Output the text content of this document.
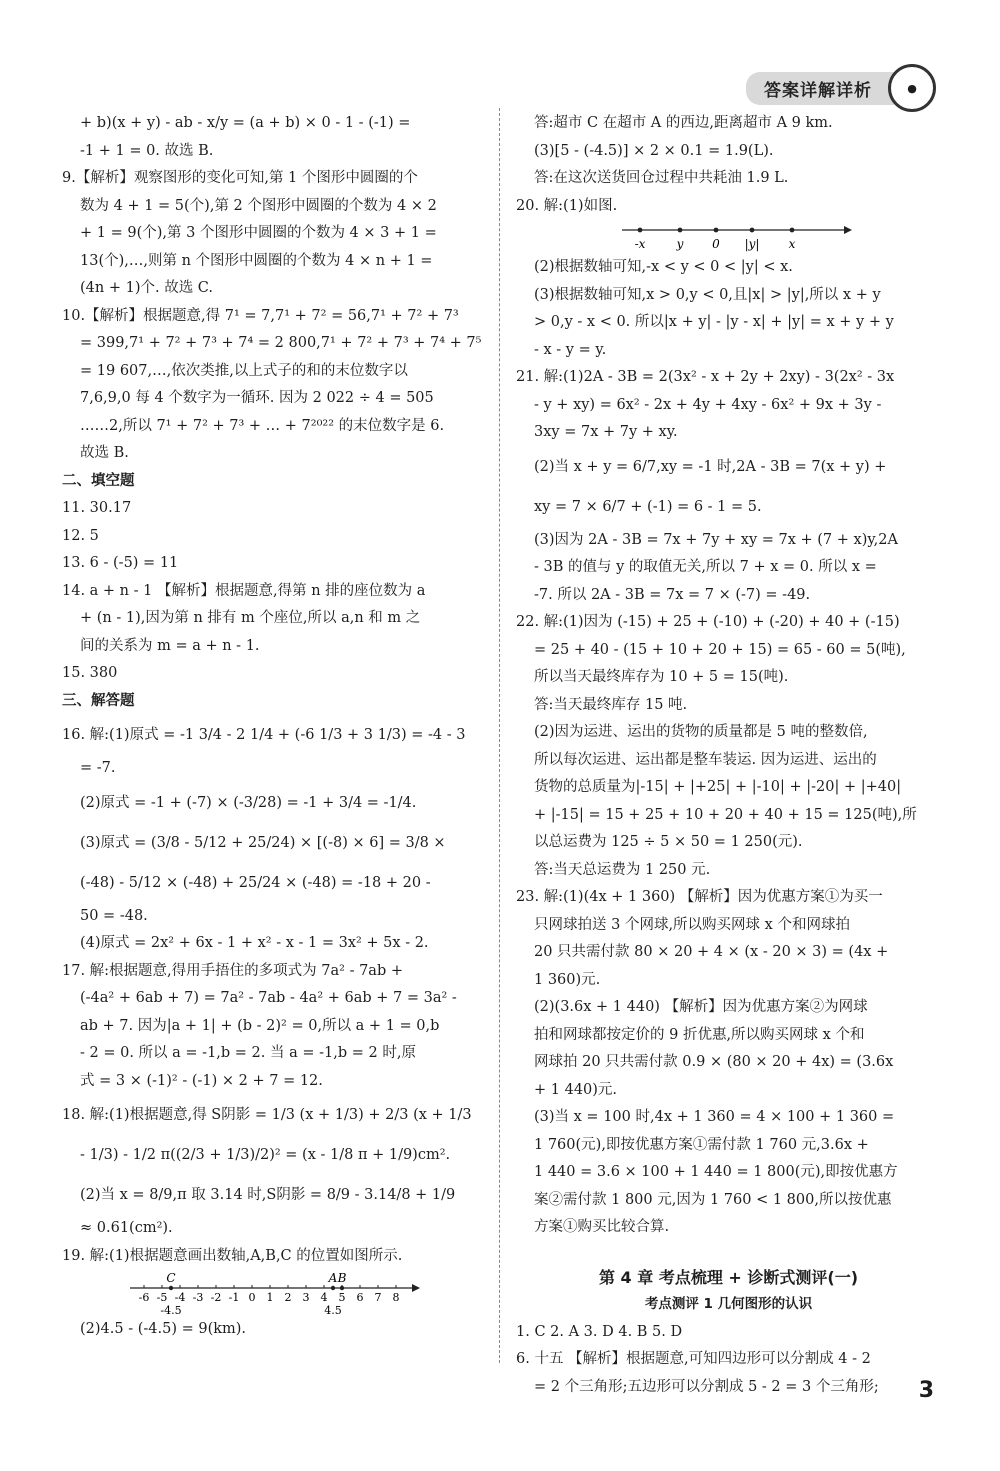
答案详解详析	●
+ b)(x + y) - ab - x/y = (a + b) × 0 - 1 - (-1) =
-1 + 1 = 0. 故选 B.
9.【解析】观察图形的变化可知,第 1 个图形中圆圈的个
数为 4 + 1 = 5(个),第 2 个图形中圆圈的个数为 4 × 2
+ 1 = 9(个),第 3 个图形中圆圈的个数为 4 × 3 + 1 =
13(个),…,则第 n 个图形中圆圈的个数为 4 × n + 1 =
(4n + 1)个. 故选 C.
10.【解析】根据题意,得 7¹ = 7,7¹ + 7² = 56,7¹ + 7² + 7³
= 399,7¹ + 7² + 7³ + 7⁴ = 2 800,7¹ + 7² + 7³ + 7⁴ + 7⁵
= 19 607,…,依次类推,以上式子的和的末位数字以
7,6,9,0 每 4 个数字为一循环. 因为 2 022 ÷ 4 = 505
……2,所以 7¹ + 7² + 7³ + … + 7²⁰²² 的末位数字是 6.
故选 B.
二、填空题
11. 30.17
12. 5
13. 6 - (-5) = 11
14. a + n - 1 【解析】根据题意,得第 n 排的座位数为 a
+ (n - 1),因为第 n 排有 m 个座位,所以 a,n 和 m 之
间的关系为 m = a + n - 1.
15. 380
三、解答题
16. 解:(1)原式 = -1 3/4 - 2 1/4 + (-6 1/3 + 3 1/3) = -4 - 3
= -7.
(2)原式 = -1 + (-7) × (-3/28) = -1 + 3/4 = -1/4.
(3)原式 = (3/8 - 5/12 + 25/24) × [(-8) × 6] = 3/8 ×
(-48) - 5/12 × (-48) + 25/24 × (-48) = -18 + 20 -
50 = -48.
(4)原式 = 2x² + 6x - 1 + x² - x - 1 = 3x² + 5x - 2.
17. 解:根据题意,得用手捂住的多项式为 7a² - 7ab +
(-4a² + 6ab + 7) = 7a² - 7ab - 4a² + 6ab + 7 = 3a² -
ab + 7. 因为|a + 1| + (b - 2)² = 0,所以 a + 1 = 0,b
- 2 = 0. 所以 a = -1,b = 2. 当 a = -1,b = 2 时,原
式 = 3 × (-1)² - (-1) × 2 + 7 = 12.
18. 解:(1)根据题意,得 S阴影 = 1/3 (x + 1/3) + 2/3 (x + 1/3
- 1/3) - 1/2 π((2/3 + 1/3)/2)² = (x - 1/8 π + 1/9)cm².
(2)当 x = 8/9,π 取 3.14 时,S阴影 = 8/9 - 3.14/8 + 1/9
≈ 0.61(cm²).
19. 解:(1)根据题意画出数轴,A,B,C 的位置如图所示.
-6 -5 -4 -3 -2 -1 0 1 2 3 4 5 6 7 8
C	A B
-4.5	4.5
(2)4.5 - (-4.5) = 9(km).
答:超市 C 在超市 A 的西边,距离超市 A 9 km.
(3)[5 - (-4.5)] × 2 × 0.1 = 1.9(L).
答:在这次送货回仓过程中共耗油 1.9 L.
20. 解:(1)如图.
-x	y 0 |y| x
(2)根据数轴可知,-x < y < 0 < |y| < x.
(3)根据数轴可知,x > 0,y < 0,且|x| > |y|,所以 x + y
> 0,y - x < 0. 所以|x + y| - |y - x| + |y| = x + y + y
- x - y = y.
21. 解:(1)2A - 3B = 2(3x² - x + 2y + 2xy) - 3(2x² - 3x
- y + xy) = 6x² - 2x + 4y + 4xy - 6x² + 9x + 3y -
3xy = 7x + 7y + xy.
(2)当 x + y = 6/7,xy = -1 时,2A - 3B = 7(x + y) +
xy = 7 × 6/7 + (-1) = 6 - 1 = 5.
(3)因为 2A - 3B = 7x + 7y + xy = 7x + (7 + x)y,2A
- 3B 的值与 y 的取值无关,所以 7 + x = 0. 所以 x =
-7. 所以 2A - 3B = 7x = 7 × (-7) = -49.
22. 解:(1)因为 (-15) + 25 + (-10) + (-20) + 40 + (-15)
= 25 + 40 - (15 + 10 + 20 + 15) = 65 - 60 = 5(吨),
所以当天最终库存为 10 + 5 = 15(吨).
答:当天最终库存 15 吨.
(2)因为运进、运出的货物的质量都是 5 吨的整数倍,
所以每次运进、运出都是整车装运. 因为运进、运出的
货物的总质量为|-15| + |+25| + |-10| + |-20| + |+40|
+ |-15| = 15 + 25 + 10 + 20 + 40 + 15 = 125(吨),所
以总运费为 125 ÷ 5 × 50 = 1 250(元).
答:当天总运费为 1 250 元.
23. 解:(1)(4x + 1 360) 【解析】因为优惠方案①为买一
只网球拍送 3 个网球,所以购买网球 x 个和网球拍
20 只共需付款 80 × 20 + 4 × (x - 20 × 3) = (4x +
1 360)元.
(2)(3.6x + 1 440) 【解析】因为优惠方案②为网球
拍和网球都按定价的 9 折优惠,所以购买网球 x 个和
网球拍 20 只共需付款 0.9 × (80 × 20 + 4x) = (3.6x
+ 1 440)元.
(3)当 x = 100 时,4x + 1 360 = 4 × 100 + 1 360 =
1 760(元),即按优惠方案①需付款 1 760 元,3.6x +
1 440 = 3.6 × 100 + 1 440 = 1 800(元),即按优惠方
案②需付款 1 800 元,因为 1 760 < 1 800,所以按优惠
方案①购买比较合算.
第 4 章 考点梳理 + 诊断式测评(一)
考点测评 1 几何图形的认识
1. C 2. A 3. D 4. B 5. D
6. 十五 【解析】根据题意,可知四边形可以分割成 4 - 2
= 2 个三角形;五边形可以分割成 5 - 2 = 3 个三角形;	3
